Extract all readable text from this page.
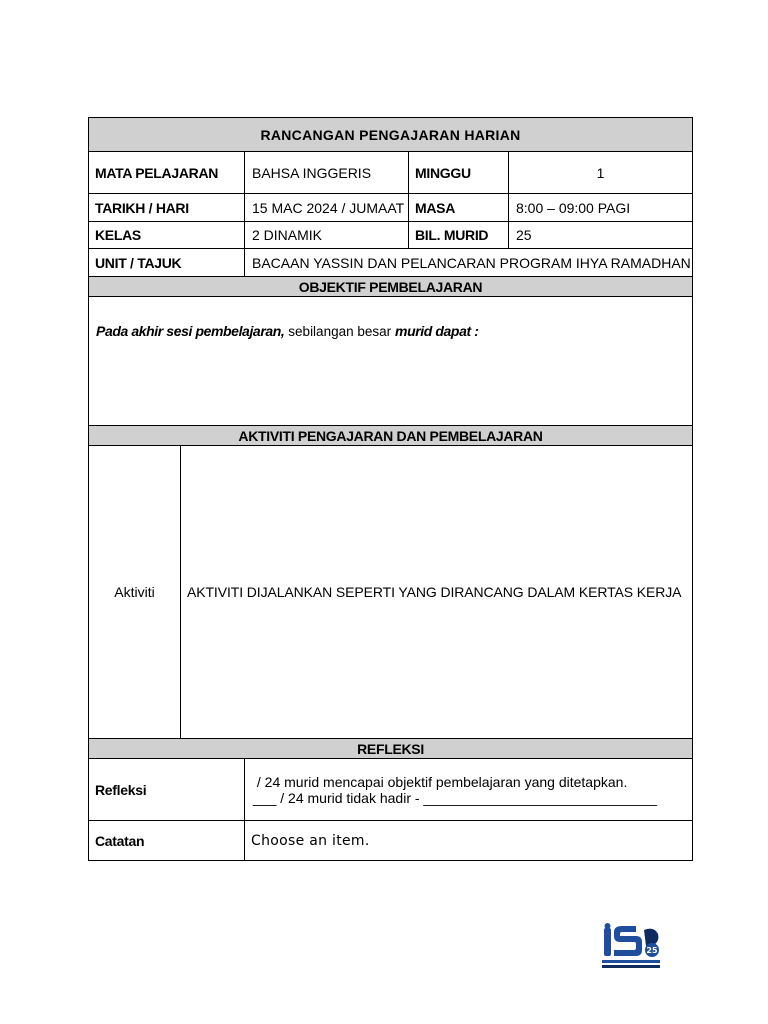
RANCANGAN PENGAJARAN HARIAN				
MATA PELAJARAN		BAHSA INGGERIS	MINGGU	1
TARIKH / HARI		15 MAC 2024 / JUMAAT	MASA	8:00 – 09:00 PAGI
KELAS		2 DINAMIK	BIL. MURID	25
UNIT / TAJUK		BACAAN YASSIN DAN PELANCARAN PROGRAM IHYA RAMADHAN		
OBJEKTIF PEMBELAJARAN				
Pada akhir sesi pembelajaran, sebilangan besar murid dapat :				
AKTIVITI PENGAJARAN DAN PEMBELAJARAN				
Aktiviti	AKTIVITI DIJALANKAN SEPERTI YANG DIRANCANG DALAM KERTAS KERJA			
REFLEKSI				
Refleksi		/ 24 murid mencapai objektif pembelajaran yang ditetapkan.
___ / 24 murid tidak hadir - ______________________________		

Catatan		Choose an item.		
25
